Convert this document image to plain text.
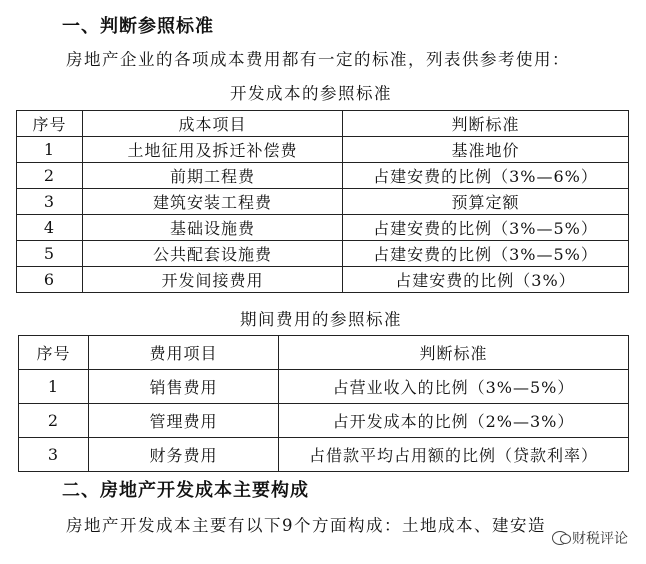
一、判断参照标准
房地产企业的各项成本费用都有一定的标准，列表供参考使用：
开发成本的参照标准
序号	成本项目	判断标准
1	土地征用及拆迁补偿费	基准地价
2	前期工程费	占建安费的比例（3%—6%）
3	建筑安装工程费	预算定额
4	基础设施费	占建安费的比例（3%—5%）
5	公共配套设施费	占建安费的比例（3%—5%）
6	开发间接费用	占建安费的比例（3%）
期间费用的参照标准
序号	费用项目	判断标准
1	销售费用	占营业收入的比例（3%—5%）
2	管理费用	占开发成本的比例（2%—3%）
3	财务费用	占借款平均占用额的比例（贷款利率）
二、房地产开发成本主要构成
房地产开发成本主要有以下9个方面构成：土地成本、建安造
财税评论
